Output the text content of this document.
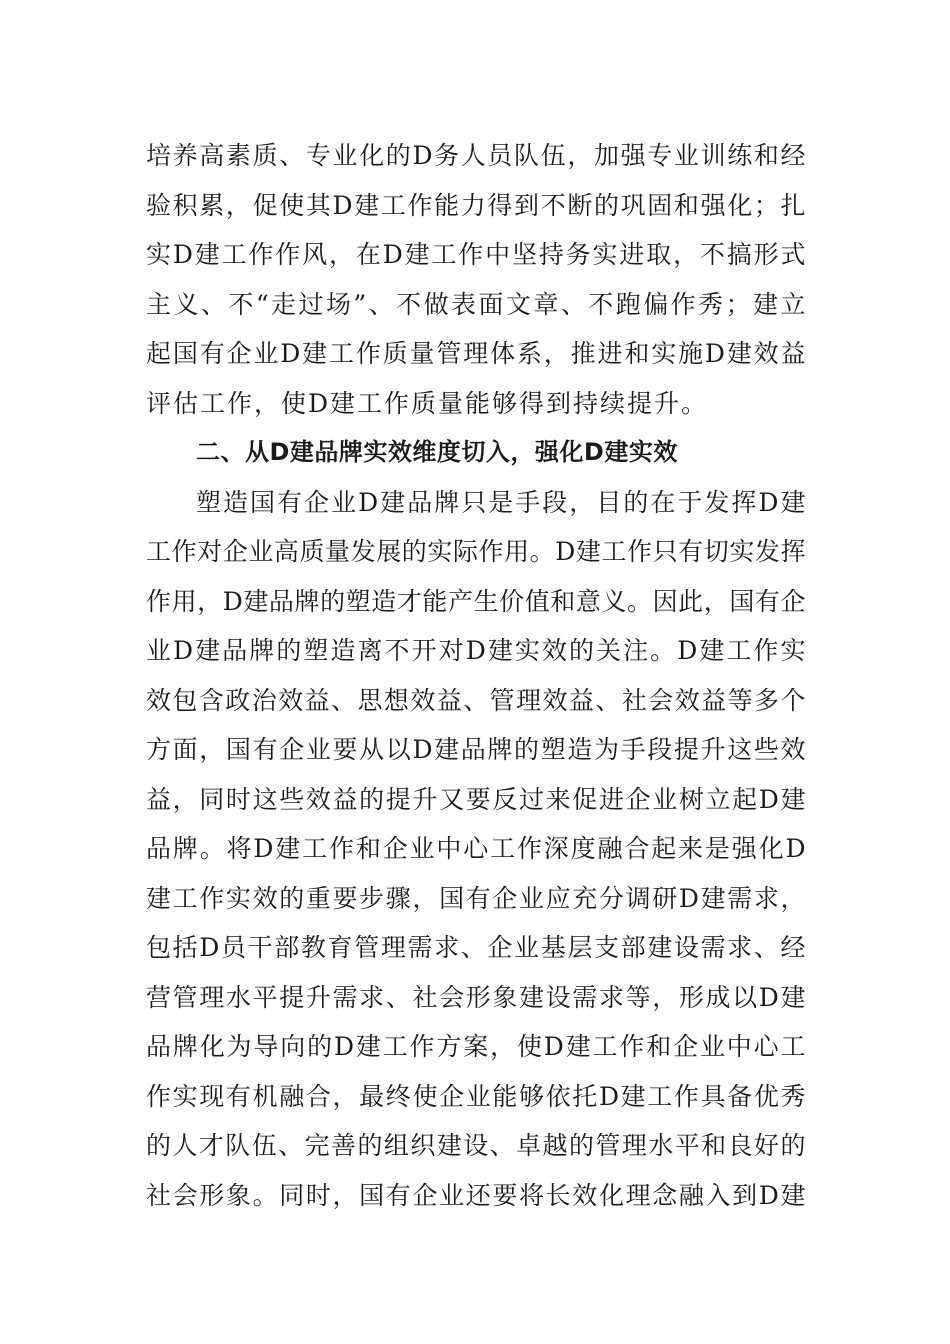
培养高素质、专业化的D务人员队伍，加强专业训练和经
验积累，促使其D建工作能力得到不断的巩固和强化；扎
实D建工作作风，在D建工作中坚持务实进取，不搞形式
主义、不“走过场”、不做表面文章、不跑偏作秀；建立
起国有企业D建工作质量管理体系，推进和实施D建效益
评估工作，使D建工作质量能够得到持续提升。
二、从D建品牌实效维度切入，强化D建实效
塑造国有企业D建品牌只是手段，目的在于发挥D建
工作对企业高质量发展的实际作用。D建工作只有切实发挥
作用，D建品牌的塑造才能产生价值和意义。因此，国有企
业D建品牌的塑造离不开对D建实效的关注。D建工作实
效包含政治效益、思想效益、管理效益、社会效益等多个
方面，国有企业要从以D建品牌的塑造为手段提升这些效
益，同时这些效益的提升又要反过来促进企业树立起D建
品牌。将D建工作和企业中心工作深度融合起来是强化D
建工作实效的重要步骤，国有企业应充分调研D建需求，
包括D员干部教育管理需求、企业基层支部建设需求、经
营管理水平提升需求、社会形象建设需求等，形成以D建
品牌化为导向的D建工作方案，使D建工作和企业中心工
作实现有机融合，最终使企业能够依托D建工作具备优秀
的人才队伍、完善的组织建设、卓越的管理水平和良好的
社会形象。同时，国有企业还要将长效化理念融入到D建
